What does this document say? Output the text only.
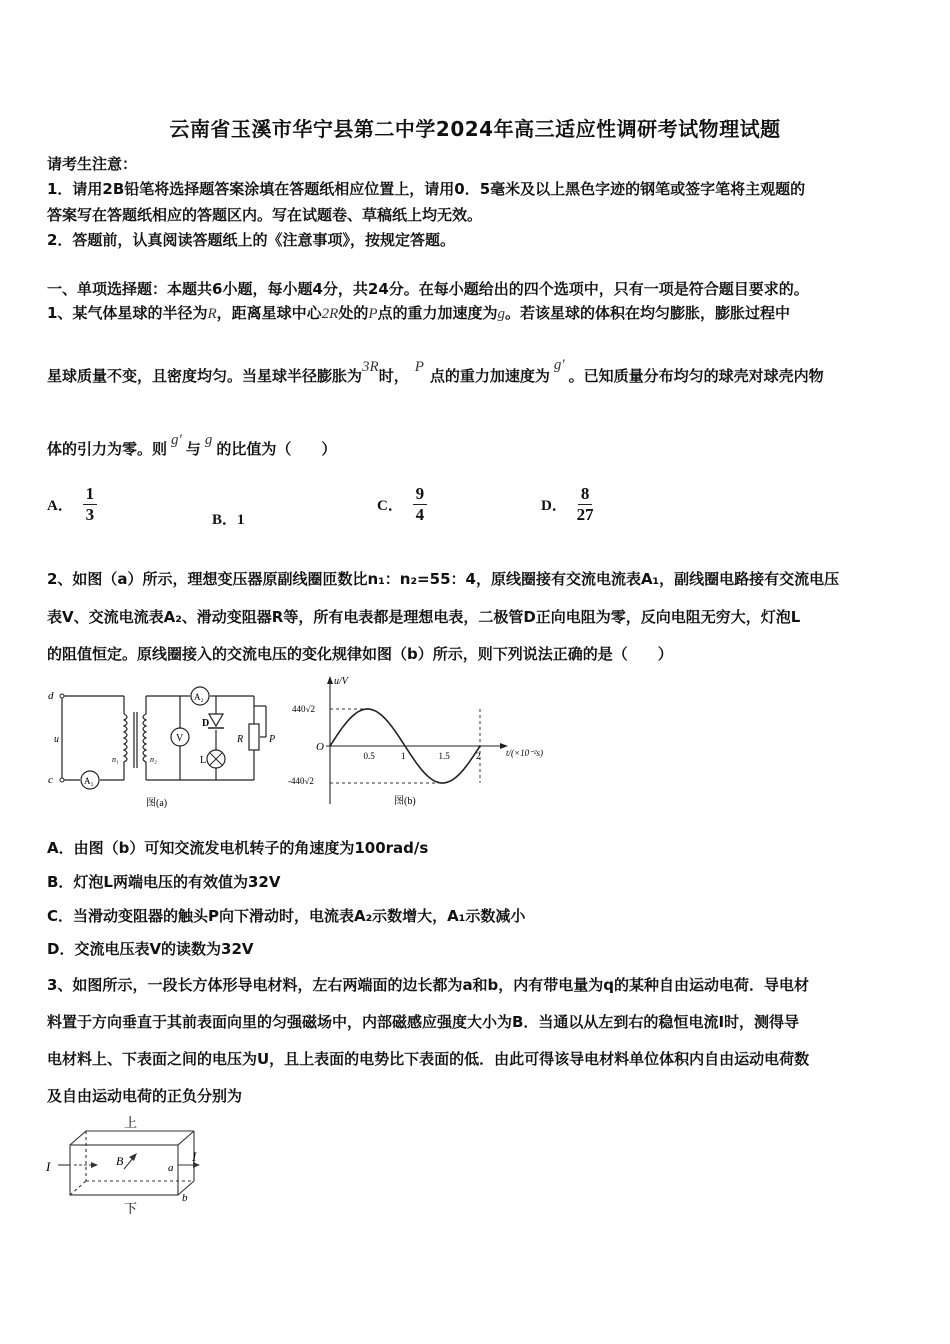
云南省玉溪市华宁县第二中学2024年高三适应性调研考试物理试题
请考生注意：
1．请用2B铅笔将选择题答案涂填在答题纸相应位置上，请用0．5毫米及以上黑色字迹的钢笔或签字笔将主观题的
答案写在答题纸相应的答题区内。写在试题卷、草稿纸上均无效。
2．答题前，认真阅读答题纸上的《注意事项》，按规定答题。
一、单项选择题：本题共6小题，每小题4分，共24分。在每小题给出的四个选项中，只有一项是符合题目要求的。
1、某气体星球的半径为R，距离星球中心2R处的P点的重力加速度为g。若该星球的体积在均匀膨胀，膨胀过程中
星球质量不变，且密度均匀。当星球半径膨胀为3R时， P 点的重力加速度为g′。已知质量分布均匀的球壳对球壳内物
体的引力为零。则 g′ 与 g 的比值为（　　）
A． $\frac{1}{3}$	B．1
C． $\frac{9}{4}$	D． $\frac{8}{27}$
2、如图（a）所示，理想变压器原副线圈匝数比n₁：n₂=55：4，原线圈接有交流电流表A₁，副线圈电路接有交流电压
表V、交流电流表A₂、滑动变阻器R等，所有电表都是理想电表，二极管D正向电阻为零，反向电阻无穷大，灯泡L
的阻值恒定。原线圈接入的交流电压的变化规律如图（b）所示，则下列说法正确的是（　　）
A₁
A₂
V
d
c
u
n₁	n₂
D
L
R	P
图(a)
0.5	1	1.5	2
u/V
t/(×10⁻²s)
O
440√2
-440√2
图(b)
A．由图（b）可知交流发电机转子的角速度为100rad/s
B．灯泡L两端电压的有效值为32V
C．当滑动变阻器的触头P向下滑动时，电流表A₂示数增大，A₁示数减小
D．交流电压表V的读数为32V
3、如图所示，一段长方体形导电材料，左右两端面的边长都为a和b，内有带电量为q的某种自由运动电荷．导电材
料置于方向垂直于其前表面向里的匀强磁场中，内部磁感应强度大小为B．当通以从左到右的稳恒电流I时，测得导
电材料上、下表面之间的电压为U，且上表面的电势比下表面的低．由此可得该导电材料单位体积内自由运动电荷数
及自由运动电荷的正负分别为
上
下
I
I
B	a
b
